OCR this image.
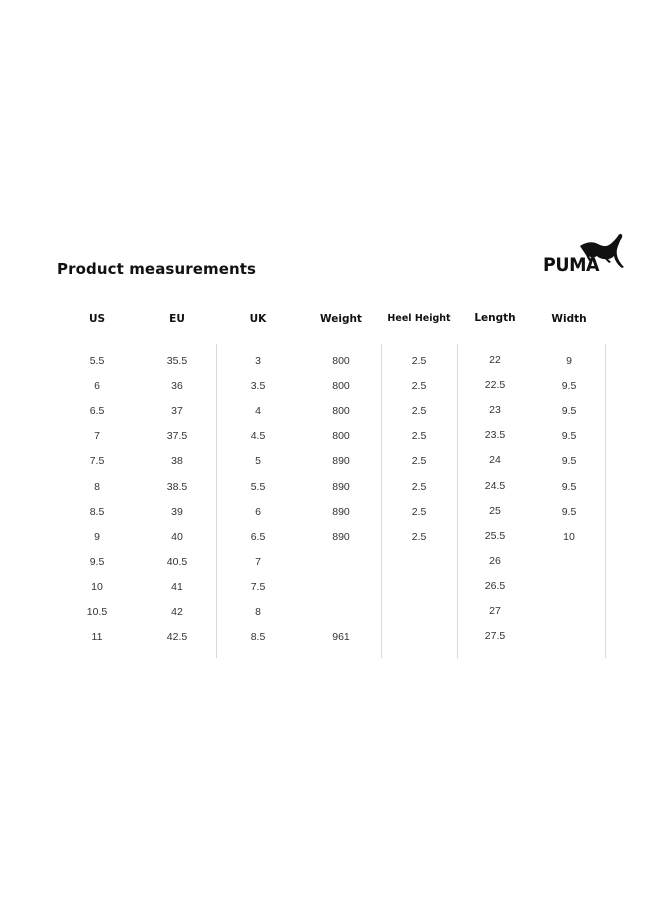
Product measurements	PUMA
US
5.5
6
6.5
7
7.5
8
8.5
9
9.5
10
10.5
11
EU
35.5
36
37
37.5
38
38.5
39
40
40.5
41
42
42.5
UK
3
3.5
4
4.5
5
5.5
6
6.5
7
7.5
8
8.5
Weight
800
800
800
800
890
890
890
890
961
Heel Height
2.5
2.5
2.5
2.5
2.5
2.5
2.5
2.5
Length
22
22.5
23
23.5
24
24.5
25
25.5
26
26.5
27
27.5
Width
9
9.5
9.5
9.5
9.5
9.5
9.5
10
